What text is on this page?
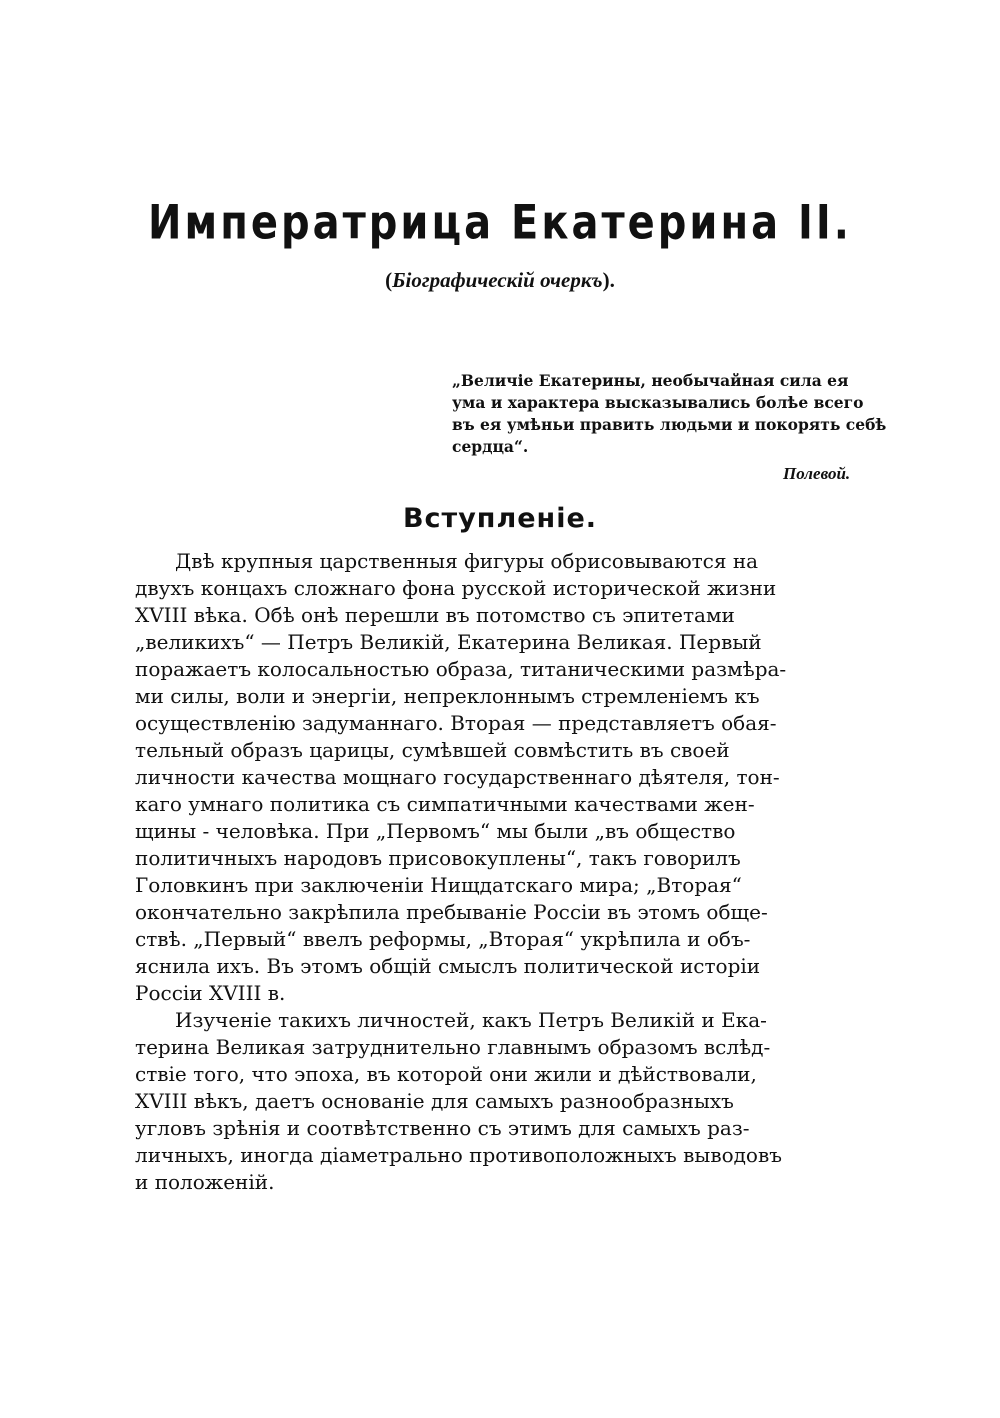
Императрица Екатерина II.
(Біографическій очеркъ).
„Величіе Екатерины, необычайная сила ея
ума и характера высказывались болѣе всего
въ ея умѣньи править людьми и покорять себѣ
сердца“.
Полевой.
Вступленіе.
Двѣ крупныя царственныя фигуры обрисовываются на
двухъ концахъ сложнаго фона русской исторической жизни
XVIII вѣка. Обѣ онѣ перешли въ потомство съ эпитетами
„великихъ“ — Петръ Великій, Екатерина Великая. Первый
поражаетъ колосальностью образа, титаническими размѣра-
ми силы, воли и энергіи, непреклоннымъ стремленіемъ къ
осуществленію задуманнаго. Вторая — представляетъ обая-
тельный образъ царицы, сумѣвшей совмѣстить въ своей
личности качества мощнаго государственнаго дѣятеля, тон-
каго умнаго политика съ симпатичными качествами жен-
щины - человѣка. При „Первомъ“ мы были „въ общество
политичныхъ народовъ присовокуплены“, такъ говорилъ
Головкинъ при заключеніи Нищдатскаго мира; „Вторая“
окончательно закрѣпила пребываніе Россіи въ этомъ обще-
ствѣ. „Первый“ ввелъ реформы, „Вторая“ укрѣпила и объ-
яснила ихъ. Въ этомъ общій смыслъ политической исторіи
Россіи XVIII в.
Изученіе такихъ личностей, какъ Петръ Великій и Ека-
терина Великая затруднительно главнымъ образомъ вслѣд-
ствіе того, что эпоха, въ которой они жили и дѣйствовали,
XVIII вѣкъ, даетъ основаніе для самыхъ разнообразныхъ
угловъ зрѣнія и соотвѣтственно съ этимъ для самыхъ раз-
личныхъ, иногда діаметрально противоположныхъ выводовъ
и положеній.
